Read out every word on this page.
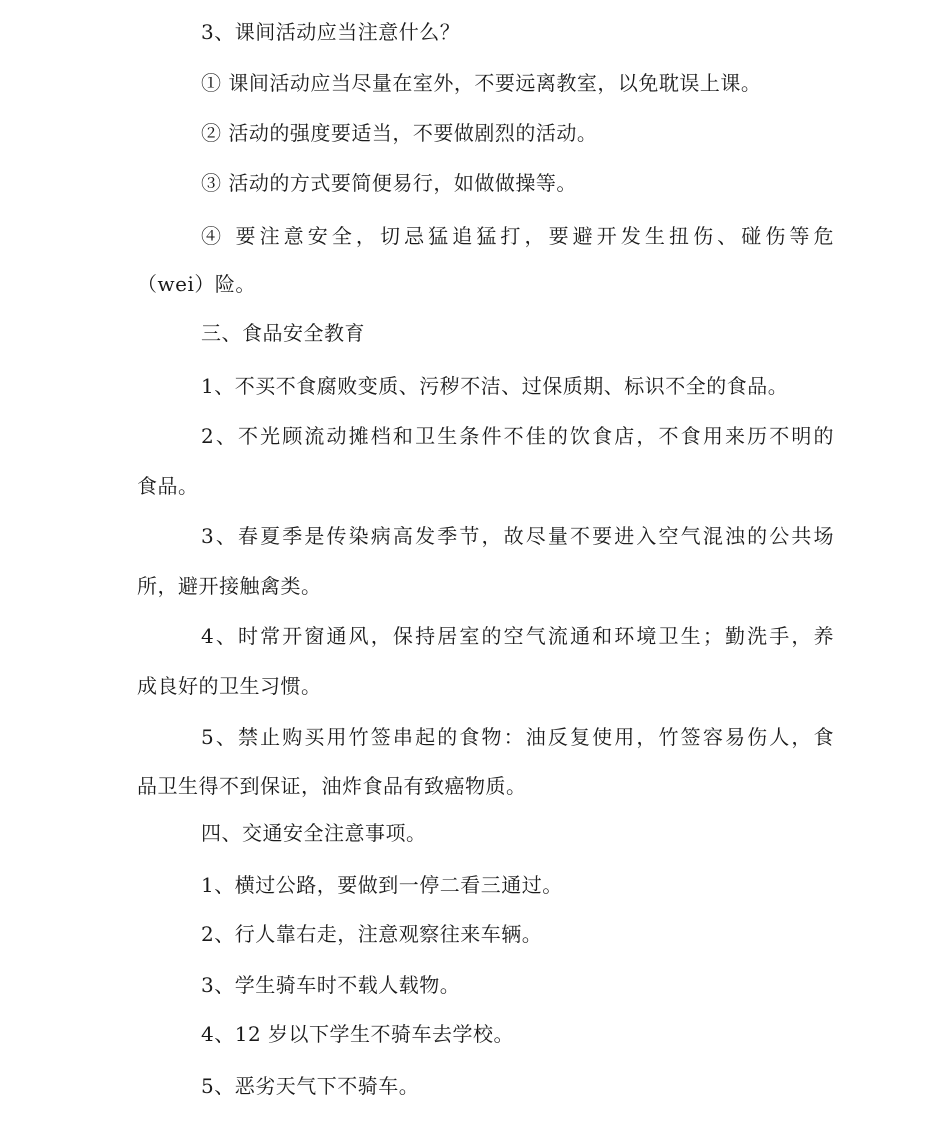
3、课间活动应当注意什么？
① 课间活动应当尽量在室外，不要远离教室，以免耽误上课。
② 活动的强度要适当，不要做剧烈的活动。
③ 活动的方式要简便易行，如做做操等。
④ 要注意安全，切忌猛追猛打，要避开发生扭伤、碰伤等危
（wei）险。
三、食品安全教育
1、不买不食腐败变质、污秽不洁、过保质期、标识不全的食品。
2、不光顾流动摊档和卫生条件不佳的饮食店，不食用来历不明的
食品。
3、春夏季是传染病高发季节，故尽量不要进入空气混浊的公共场
所，避开接触禽类。
4、时常开窗通风，保持居室的空气流通和环境卫生；勤洗手，养
成良好的卫生习惯。
5、禁止购买用竹签串起的食物：油反复使用，竹签容易伤人，食
品卫生得不到保证，油炸食品有致癌物质。
四、交通安全注意事项。
1、横过公路，要做到一停二看三通过。
2、行人靠右走，注意观察往来车辆。
3、学生骑车时不载人载物。
4、12 岁以下学生不骑车去学校。
5、恶劣天气下不骑车。
